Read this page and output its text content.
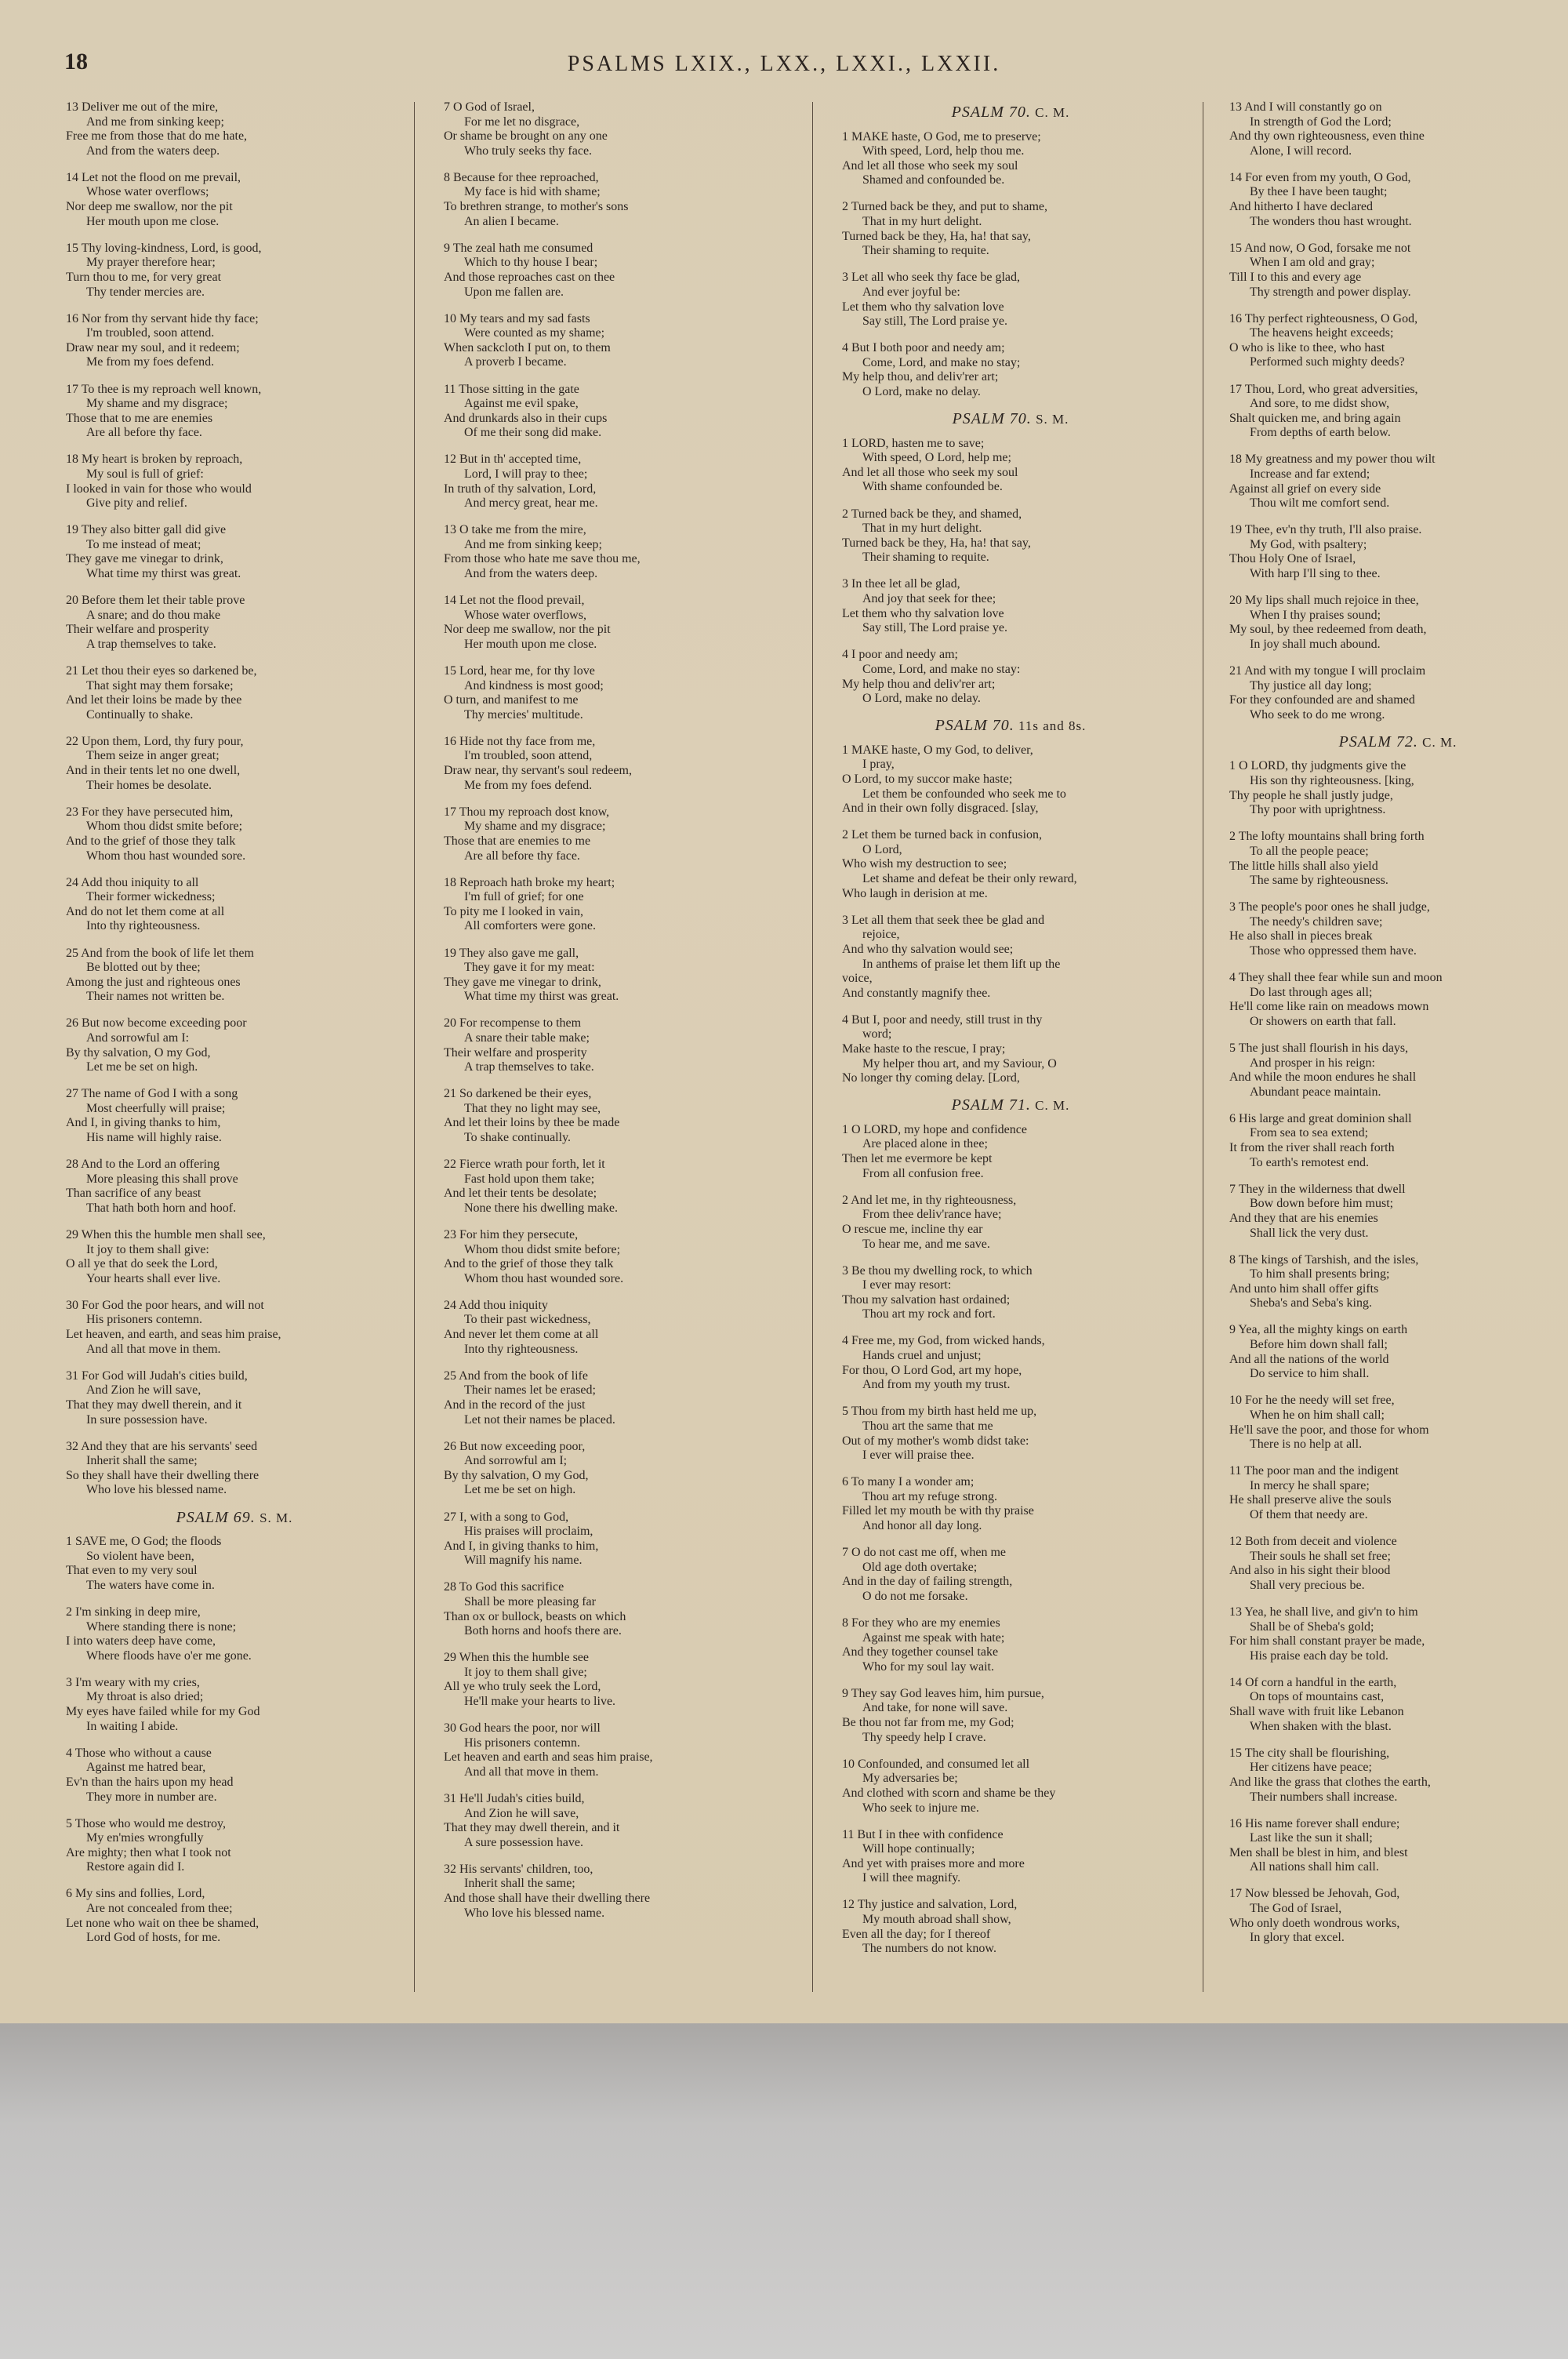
18	PSALMS LXIX., LXX., LXXI., LXXII.
13 Deliver me out of the mire,
And me from sinking keep;
Free me from those that do me hate,
And from the waters deep.
14 Let not the flood on me prevail,
Whose water overflows;
Nor deep me swallow, nor the pit
Her mouth upon me close.
15 Thy loving-kindness, Lord, is good,
My prayer therefore hear;
Turn thou to me, for very great
Thy tender mercies are.
16 Nor from thy servant hide thy face;
I'm troubled, soon attend.
Draw near my soul, and it redeem;
Me from my foes defend.
17 To thee is my reproach well known,
My shame and my disgrace;
Those that to me are enemies
Are all before thy face.
18 My heart is broken by reproach,
My soul is full of grief:
I looked in vain for those who would
Give pity and relief.
19 They also bitter gall did give
To me instead of meat;
They gave me vinegar to drink,
What time my thirst was great.
20 Before them let their table prove
A snare; and do thou make
Their welfare and prosperity
A trap themselves to take.
21 Let thou their eyes so darkened be,
That sight may them forsake;
And let their loins be made by thee
Continually to shake.
22 Upon them, Lord, thy fury pour,
Them seize in anger great;
And in their tents let no one dwell,
Their homes be desolate.
23 For they have persecuted him,
Whom thou didst smite before;
And to the grief of those they talk
Whom thou hast wounded sore.
24 Add thou iniquity to all
Their former wickedness;
And do not let them come at all
Into thy righteousness.
25 And from the book of life let them
Be blotted out by thee;
Among the just and righteous ones
Their names not written be.
26 But now become exceeding poor
And sorrowful am I:
By thy salvation, O my God,
Let me be set on high.
27 The name of God I with a song
Most cheerfully will praise;
And I, in giving thanks to him,
His name will highly raise.
28 And to the Lord an offering
More pleasing this shall prove
Than sacrifice of any beast
That hath both horn and hoof.
29 When this the humble men shall see,
It joy to them shall give:
O all ye that do seek the Lord,
Your hearts shall ever live.
30 For God the poor hears, and will not
His prisoners contemn.
Let heaven, and earth, and seas him praise,
And all that move in them.
31 For God will Judah's cities build,
And Zion he will save,
That they may dwell therein, and it
In sure possession have.
32 And they that are his servants' seed
Inherit shall the same;
So they shall have their dwelling there
Who love his blessed name.
PSALM 69. S. M.
1 SAVE me, O God; the floods
So violent have been,
That even to my very soul
The waters have come in.
2 I'm sinking in deep mire,
Where standing there is none;
I into waters deep have come,
Where floods have o'er me gone.
3 I'm weary with my cries,
My throat is also dried;
My eyes have failed while for my God
In waiting I abide.
4 Those who without a cause
Against me hatred bear,
Ev'n than the hairs upon my head
They more in number are.
5 Those who would me destroy,
My en'mies wrongfully
Are mighty; then what I took not
Restore again did I.
6 My sins and follies, Lord,
Are not concealed from thee;
Let none who wait on thee be shamed,
Lord God of hosts, for me.
7 O God of Israel,
For me let no disgrace,
Or shame be brought on any one
Who truly seeks thy face.
8 Because for thee reproached,
My face is hid with shame;
To brethren strange, to mother's sons
An alien I became.
9 The zeal hath me consumed
Which to thy house I bear;
And those reproaches cast on thee
Upon me fallen are.
10 My tears and my sad fasts
Were counted as my shame;
When sackcloth I put on, to them
A proverb I became.
11 Those sitting in the gate
Against me evil spake,
And drunkards also in their cups
Of me their song did make.
12 But in th' accepted time,
Lord, I will pray to thee;
In truth of thy salvation, Lord,
And mercy great, hear me.
13 O take me from the mire,
And me from sinking keep;
From those who hate me save thou me,
And from the waters deep.
14 Let not the flood prevail,
Whose water overflows,
Nor deep me swallow, nor the pit
Her mouth upon me close.
15 Lord, hear me, for thy love
And kindness is most good;
O turn, and manifest to me
Thy mercies' multitude.
16 Hide not thy face from me,
I'm troubled, soon attend,
Draw near, thy servant's soul redeem,
Me from my foes defend.
17 Thou my reproach dost know,
My shame and my disgrace;
Those that are enemies to me
Are all before thy face.
18 Reproach hath broke my heart;
I'm full of grief; for one
To pity me I looked in vain,
All comforters were gone.
19 They also gave me gall,
They gave it for my meat:
They gave me vinegar to drink,
What time my thirst was great.
20 For recompense to them
A snare their table make;
Their welfare and prosperity
A trap themselves to take.
21 So darkened be their eyes,
That they no light may see,
And let their loins by thee be made
To shake continually.
22 Fierce wrath pour forth, let it
Fast hold upon them take;
And let their tents be desolate;
None there his dwelling make.
23 For him they persecute,
Whom thou didst smite before;
And to the grief of those they talk
Whom thou hast wounded sore.
24 Add thou iniquity
To their past wickedness,
And never let them come at all
Into thy righteousness.
25 And from the book of life
Their names let be erased;
And in the record of the just
Let not their names be placed.
26 But now exceeding poor,
And sorrowful am I;
By thy salvation, O my God,
Let me be set on high.
27 I, with a song to God,
His praises will proclaim,
And I, in giving thanks to him,
Will magnify his name.
28 To God this sacrifice
Shall be more pleasing far
Than ox or bullock, beasts on which
Both horns and hoofs there are.
29 When this the humble see
It joy to them shall give;
All ye who truly seek the Lord,
He'll make your hearts to live.
30 God hears the poor, nor will
His prisoners contemn.
Let heaven and earth and seas him praise,
And all that move in them.
31 He'll Judah's cities build,
And Zion he will save,
That they may dwell therein, and it
A sure possession have.
32 His servants' children, too,
Inherit shall the same;
And those shall have their dwelling there
Who love his blessed name.
PSALM 70. C. M.
1 MAKE haste, O God, me to preserve;
With speed, Lord, help thou me.
And let all those who seek my soul
Shamed and confounded be.
2 Turned back be they, and put to shame,
That in my hurt delight.
Turned back be they, Ha, ha! that say,
Their shaming to requite.
3 Let all who seek thy face be glad,
And ever joyful be:
Let them who thy salvation love
Say still, The Lord praise ye.
4 But I both poor and needy am;
Come, Lord, and make no stay;
My help thou, and deliv'rer art;
O Lord, make no delay.
PSALM 70. S. M.
1 LORD, hasten me to save;
With speed, O Lord, help me;
And let all those who seek my soul
With shame confounded be.
2 Turned back be they, and shamed,
That in my hurt delight.
Turned back be they, Ha, ha! that say,
Their shaming to requite.
3 In thee let all be glad,
And joy that seek for thee;
Let them who thy salvation love
Say still, The Lord praise ye.
4 I poor and needy am;
Come, Lord, and make no stay:
My help thou and deliv'rer art;
O Lord, make no delay.
PSALM 70. 11s and 8s.
1 MAKE haste, O my God, to deliver,
I pray,
O Lord, to my succor make haste;
Let them be confounded who seek me to
And in their own folly disgraced. [slay,
2 Let them be turned back in confusion,
O Lord,
Who wish my destruction to see;
Let shame and defeat be their only reward,
Who laugh in derision at me.
3 Let all them that seek thee be glad and
rejoice,
And who thy salvation would see;
In anthems of praise let them lift up the
voice,
And constantly magnify thee.
4 But I, poor and needy, still trust in thy
word;
Make haste to the rescue, I pray;
My helper thou art, and my Saviour, O
No longer thy coming delay. [Lord,
PSALM 71. C. M.
1 O LORD, my hope and confidence
Are placed alone in thee;
Then let me evermore be kept
From all confusion free.
2 And let me, in thy righteousness,
From thee deliv'rance have;
O rescue me, incline thy ear
To hear me, and me save.
3 Be thou my dwelling rock, to which
I ever may resort:
Thou my salvation hast ordained;
Thou art my rock and fort.
4 Free me, my God, from wicked hands,
Hands cruel and unjust;
For thou, O Lord God, art my hope,
And from my youth my trust.
5 Thou from my birth hast held me up,
Thou art the same that me
Out of my mother's womb didst take:
I ever will praise thee.
6 To many I a wonder am;
Thou art my refuge strong.
Filled let my mouth be with thy praise
And honor all day long.
7 O do not cast me off, when me
Old age doth overtake;
And in the day of failing strength,
O do not me forsake.
8 For they who are my enemies
Against me speak with hate;
And they together counsel take
Who for my soul lay wait.
9 They say God leaves him, him pursue,
And take, for none will save.
Be thou not far from me, my God;
Thy speedy help I crave.
10 Confounded, and consumed let all
My adversaries be;
And clothed with scorn and shame be they
Who seek to injure me.
11 But I in thee with confidence
Will hope continually;
And yet with praises more and more
I will thee magnify.
12 Thy justice and salvation, Lord,
My mouth abroad shall show,
Even all the day; for I thereof
The numbers do not know.
13 And I will constantly go on
In strength of God the Lord;
And thy own righteousness, even thine
Alone, I will record.
14 For even from my youth, O God,
By thee I have been taught;
And hitherto I have declared
The wonders thou hast wrought.
15 And now, O God, forsake me not
When I am old and gray;
Till I to this and every age
Thy strength and power display.
16 Thy perfect righteousness, O God,
The heavens height exceeds;
O who is like to thee, who hast
Performed such mighty deeds?
17 Thou, Lord, who great adversities,
And sore, to me didst show,
Shalt quicken me, and bring again
From depths of earth below.
18 My greatness and my power thou wilt
Increase and far extend;
Against all grief on every side
Thou wilt me comfort send.
19 Thee, ev'n thy truth, I'll also praise.
My God, with psaltery;
Thou Holy One of Israel,
With harp I'll sing to thee.
20 My lips shall much rejoice in thee,
When I thy praises sound;
My soul, by thee redeemed from death,
In joy shall much abound.
21 And with my tongue I will proclaim
Thy justice all day long;
For they confounded are and shamed
Who seek to do me wrong.
PSALM 72. C. M.
1 O LORD, thy judgments give the
His son thy righteousness. [king,
Thy people he shall justly judge,
Thy poor with uprightness.
2 The lofty mountains shall bring forth
To all the people peace;
The little hills shall also yield
The same by righteousness.
3 The people's poor ones he shall judge,
The needy's children save;
He also shall in pieces break
Those who oppressed them have.
4 They shall thee fear while sun and moon
Do last through ages all;
He'll come like rain on meadows mown
Or showers on earth that fall.
5 The just shall flourish in his days,
And prosper in his reign:
And while the moon endures he shall
Abundant peace maintain.
6 His large and great dominion shall
From sea to sea extend;
It from the river shall reach forth
To earth's remotest end.
7 They in the wilderness that dwell
Bow down before him must;
And they that are his enemies
Shall lick the very dust.
8 The kings of Tarshish, and the isles,
To him shall presents bring;
And unto him shall offer gifts
Sheba's and Seba's king.
9 Yea, all the mighty kings on earth
Before him down shall fall;
And all the nations of the world
Do service to him shall.
10 For he the needy will set free,
When he on him shall call;
He'll save the poor, and those for whom
There is no help at all.
11 The poor man and the indigent
In mercy he shall spare;
He shall preserve alive the souls
Of them that needy are.
12 Both from deceit and violence
Their souls he shall set free;
And also in his sight their blood
Shall very precious be.
13 Yea, he shall live, and giv'n to him
Shall be of Sheba's gold;
For him shall constant prayer be made,
His praise each day be told.
14 Of corn a handful in the earth,
On tops of mountains cast,
Shall wave with fruit like Lebanon
When shaken with the blast.
15 The city shall be flourishing,
Her citizens have peace;
And like the grass that clothes the earth,
Their numbers shall increase.
16 His name forever shall endure;
Last like the sun it shall;
Men shall be blest in him, and blest
All nations shall him call.
17 Now blessed be Jehovah, God,
The God of Israel,
Who only doeth wondrous works,
In glory that excel.
